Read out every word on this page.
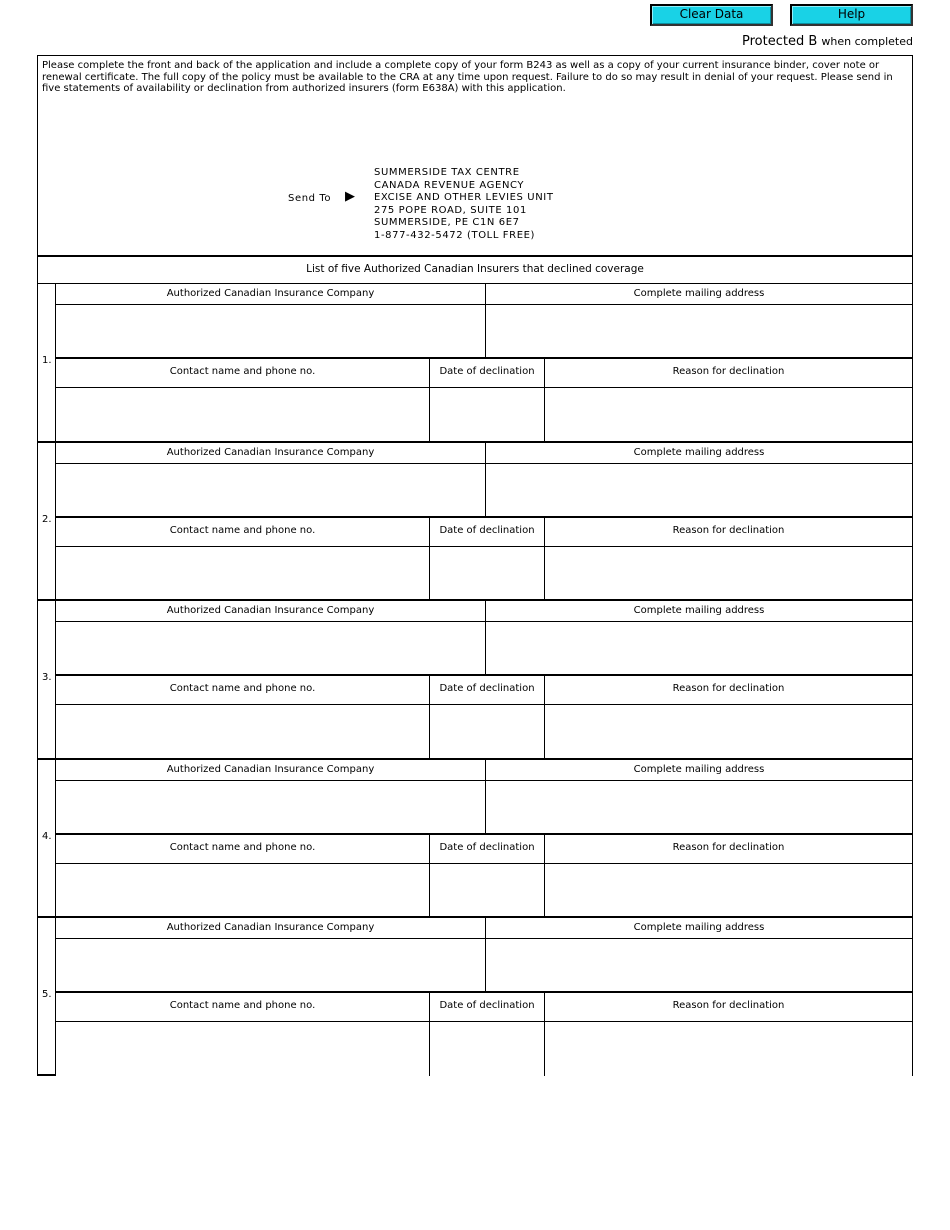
Clear Data	Help
Protected B when completed
Please complete the front and back of the application and include a complete copy of your form B243 as well as a copy of your current insurance binder, cover note or renewal certificate. The full copy of the policy must be available to the CRA at any time upon request. Failure to do so may result in denial of your request. Please send in five statements of availability or declination from authorized insurers (form E638A) with this application.
Send To ▶
SUMMERSIDE TAX CENTRE
CANADA REVENUE AGENCY
EXCISE AND OTHER LEVIES UNIT
275 POPE ROAD, SUITE 101
SUMMERSIDE, PE C1N 6E7
1-877-432-5472 (TOLL FREE)
List of five Authorized Canadian Insurers that declined coverage
1.
Authorized Canadian Insurance Company	Complete mailing address
Contact name and phone no.	Date of declination	Reason for declination
2.
Authorized Canadian Insurance Company	Complete mailing address
Contact name and phone no.	Date of declination	Reason for declination
3.
Authorized Canadian Insurance Company	Complete mailing address
Contact name and phone no.	Date of declination	Reason for declination
4.
Authorized Canadian Insurance Company	Complete mailing address
Contact name and phone no.	Date of declination	Reason for declination
5.
Authorized Canadian Insurance Company	Complete mailing address
Contact name and phone no.	Date of declination	Reason for declination
